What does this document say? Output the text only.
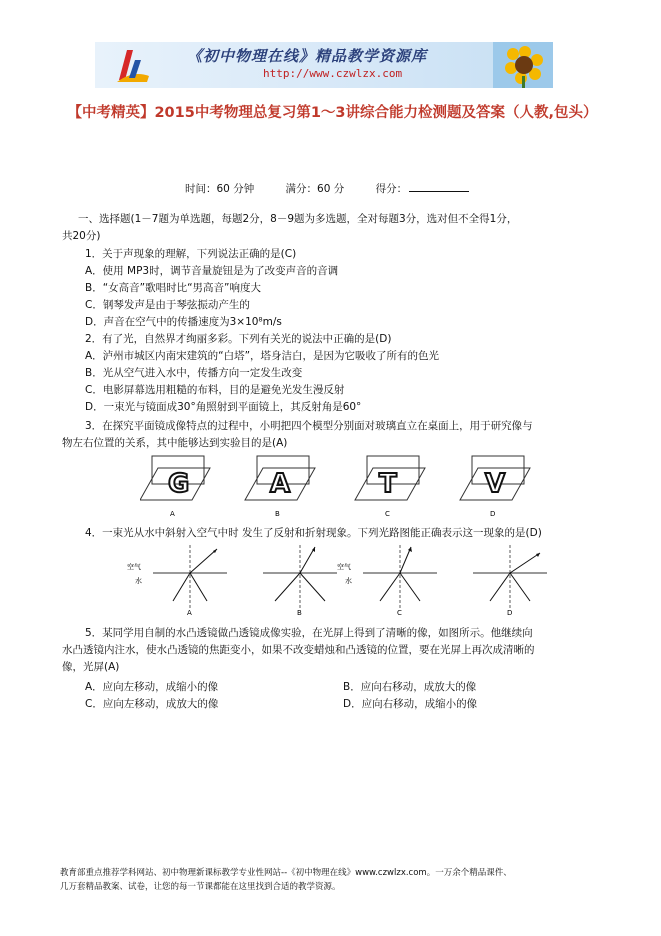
《初中物理在线》精品教学资源库
http://www.czwlzx.com
【中考精英】2015中考物理总复习第1～3讲综合能力检测题及答案（人教,包头）
时间：60 分钟	满分：60 分	得分：
一、选择题(1－7题为单选题，每题2分，8－9题为多选题，全对每题3分，选对但不全得1分，
共20分)
1．关于声现象的理解，下列说法正确的是(C)
A．使用 MP3时，调节音量旋钮是为了改变声音的音调
B．“女高音”歌唱时比“男高音”响度大
C．钢琴发声是由于琴弦振动产生的
D．声音在空气中的传播速度为3×10⁸m/s
2．有了光，自然界才绚丽多彩。下列有关光的说法中正确的是(D)
A．泸州市城区内南宋建筑的“白塔”，塔身洁白，是因为它吸收了所有的色光
B．光从空气进入水中，传播方向一定发生改变
C．电影屏幕选用粗糙的布料，目的是避免光发生漫反射
D．一束光与镜面成30°角照射到平面镜上，其反射角是60°
3．在探究平面镜成像特点的过程中，小明把四个模型分别面对玻璃直立在桌面上，用于研究像与
物左右位置的关系，其中能够达到实验目的是(A)
G
A
A
B
T
C
V
D
4．一束光从水中斜射入空气中时 发生了反射和折射现象。下列光路图能正确表示这一现象的是(D)
空气
水
A	B
空气
水
C	D
5．某同学用自制的水凸透镜做凸透镜成像实验，在光屏上得到了清晰的像，如图所示。他继续向
水凸透镜内注水，使水凸透镜的焦距变小，如果不改变蜡烛和凸透镜的位置，要在光屏上再次成清晰的
像，光屏(A)
A．应向左移动，成缩小的像	B．应向右移动，成放大的像
C．应向左移动，成放大的像	D．应向右移动，成缩小的像
教育部重点推荐学科网站、初中物理新课标教学专业性网站--《初中物理在线》www.czwlzx.com。一万余个精品课件、
几万套精品教案、试卷，让您的每一节课都能在这里找到合适的教学资源。
